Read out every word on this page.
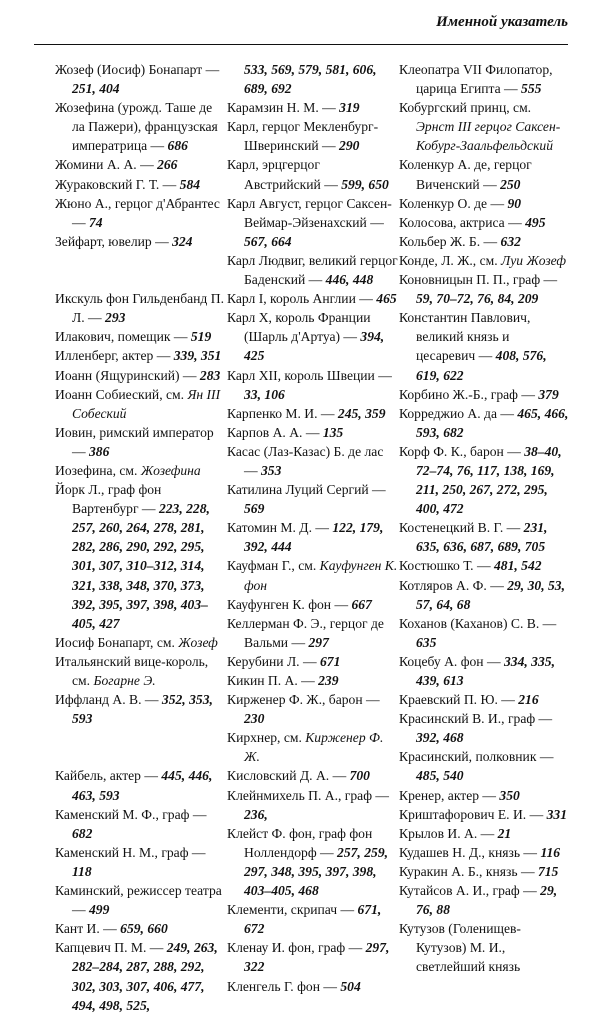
Именной указатель

Жозеф (Иосиф) Бонапарт — 251, 404

Жозефина (урожд. Таше де ла Пажери), французская императрица — 686

Жомини А. А. — 266

Жураковский Г. Т. — 584

Жюно А., герцог д'Абрантес — 74

Зейфарт, ювелир — 324

Икскуль фон Гильденбанд П. Л. — 293

Илакович, помещик — 519

Илленберг, актер — 339, 351

Иоанн (Ящуринский) — 283

Иоанн Собиеский, см. Ян III Собеский

Иовин, римский император — 386

Иозефина, см. Жозефина

Йорк Л., граф фон Вартенбург — 223, 228, 257, 260, 264, 278, 281, 282, 286, 290, 292, 295, 301, 307, 310–312, 314, 321, 338, 348, 370, 373, 392, 395, 397, 398, 403–405, 427

Иосиф Бонапарт, см. Жозеф

Итальянский вице-король, см. Богарне Э.

Иффланд А. В. — 352, 353, 593

Кайбель, актер — 445, 446, 463, 593

Каменский М. Ф., граф — 682

Каменский Н. М., граф — 118

Каминский, режиссер театра — 499

Кант И. — 659, 660

Капцевич П. М. — 249, 263, 282–284, 287, 288, 292, 302, 303, 307, 406, 477, 494, 498, 525,

533, 569, 579, 581, 606, 689, 692

Карамзин Н. М. — 319

Карл, герцог Мекленбург-Шверинский — 290

Карл, эрцгерцог Австрийский — 599, 650

Карл Август, герцог Саксен-Веймар-Эйзенахский — 567, 664

Карл Людвиг, великий герцог Баденский — 446, 448

Карл I, король Англии — 465

Карл X, король Франции (Шарль д'Артуа) — 394, 425

Карл XII, король Швеции — 33, 106

Карпенко М. И. — 245, 359

Карпов А. А. — 135

Касас (Лаз-Казас) Б. де лас — 353

Катилина Луций Сергий — 569

Катомин М. Д. — 122, 179, 392, 444

Кауфман Г., см. Кауфунген К. фон

Кауфунген К. фон — 667

Келлерман Ф. Э., герцог де Вальми — 297

Керубини Л. — 671

Кикин П. А. — 239

Кирженер Ф. Ж., барон — 230

Кирхнер, см. Кирженер Ф. Ж.

Кисловский Д. А. — 700

Клейнмихель П. А., граф — 236,

Клейст Ф. фон, граф фон Ноллендорф — 257, 259, 297, 348, 395, 397, 398, 403–405, 468

Клементи, скрипач — 671, 672

Кленау И. фон, граф — 297, 322

Кленгель Г. фон — 504

Клеопатра VII Филопатор, царица Египта — 555

Кобургский принц, см. Эрнст III герцог Саксен-Кобург-Заальфельдский

Коленкур А. де, герцог Виченский — 250

Коленкур О. де — 90

Колосова, актриса — 495

Кольбер Ж. Б. — 632

Конде, Л. Ж., см. Луи Жозеф

Коновницын П. П., граф — 59, 70–72, 76, 84, 209

Константин Павлович, великий князь и цесаревич — 408, 576, 619, 622

Корбино Ж.-Б., граф — 379

Корреджио А. да — 465, 466, 593, 682

Корф Ф. К., барон — 38–40, 72–74, 76, 117, 138, 169, 211, 250, 267, 272, 295, 400, 472

Костенецкий В. Г. — 231, 635, 636, 687, 689, 705

Костюшко Т. — 481, 542

Котляров А. Ф. — 29, 30, 53, 57, 64, 68

Коханов (Каханов) С. В. — 635

Коцебу А. фон — 334, 335, 439, 613

Краевский П. Ю. — 216

Красинский В. И., граф — 392, 468

Красинский, полковник — 485, 540

Кренер, актер — 350

Криштафорович Е. И. — 331

Крылов И. А. — 21

Кудашев Н. Д., князь — 116

Куракин А. Б., князь — 715

Кутайсов А. И., граф — 29, 76, 88

Кутузов (Голенищев-Кутузов) М. И., светлейший князь
